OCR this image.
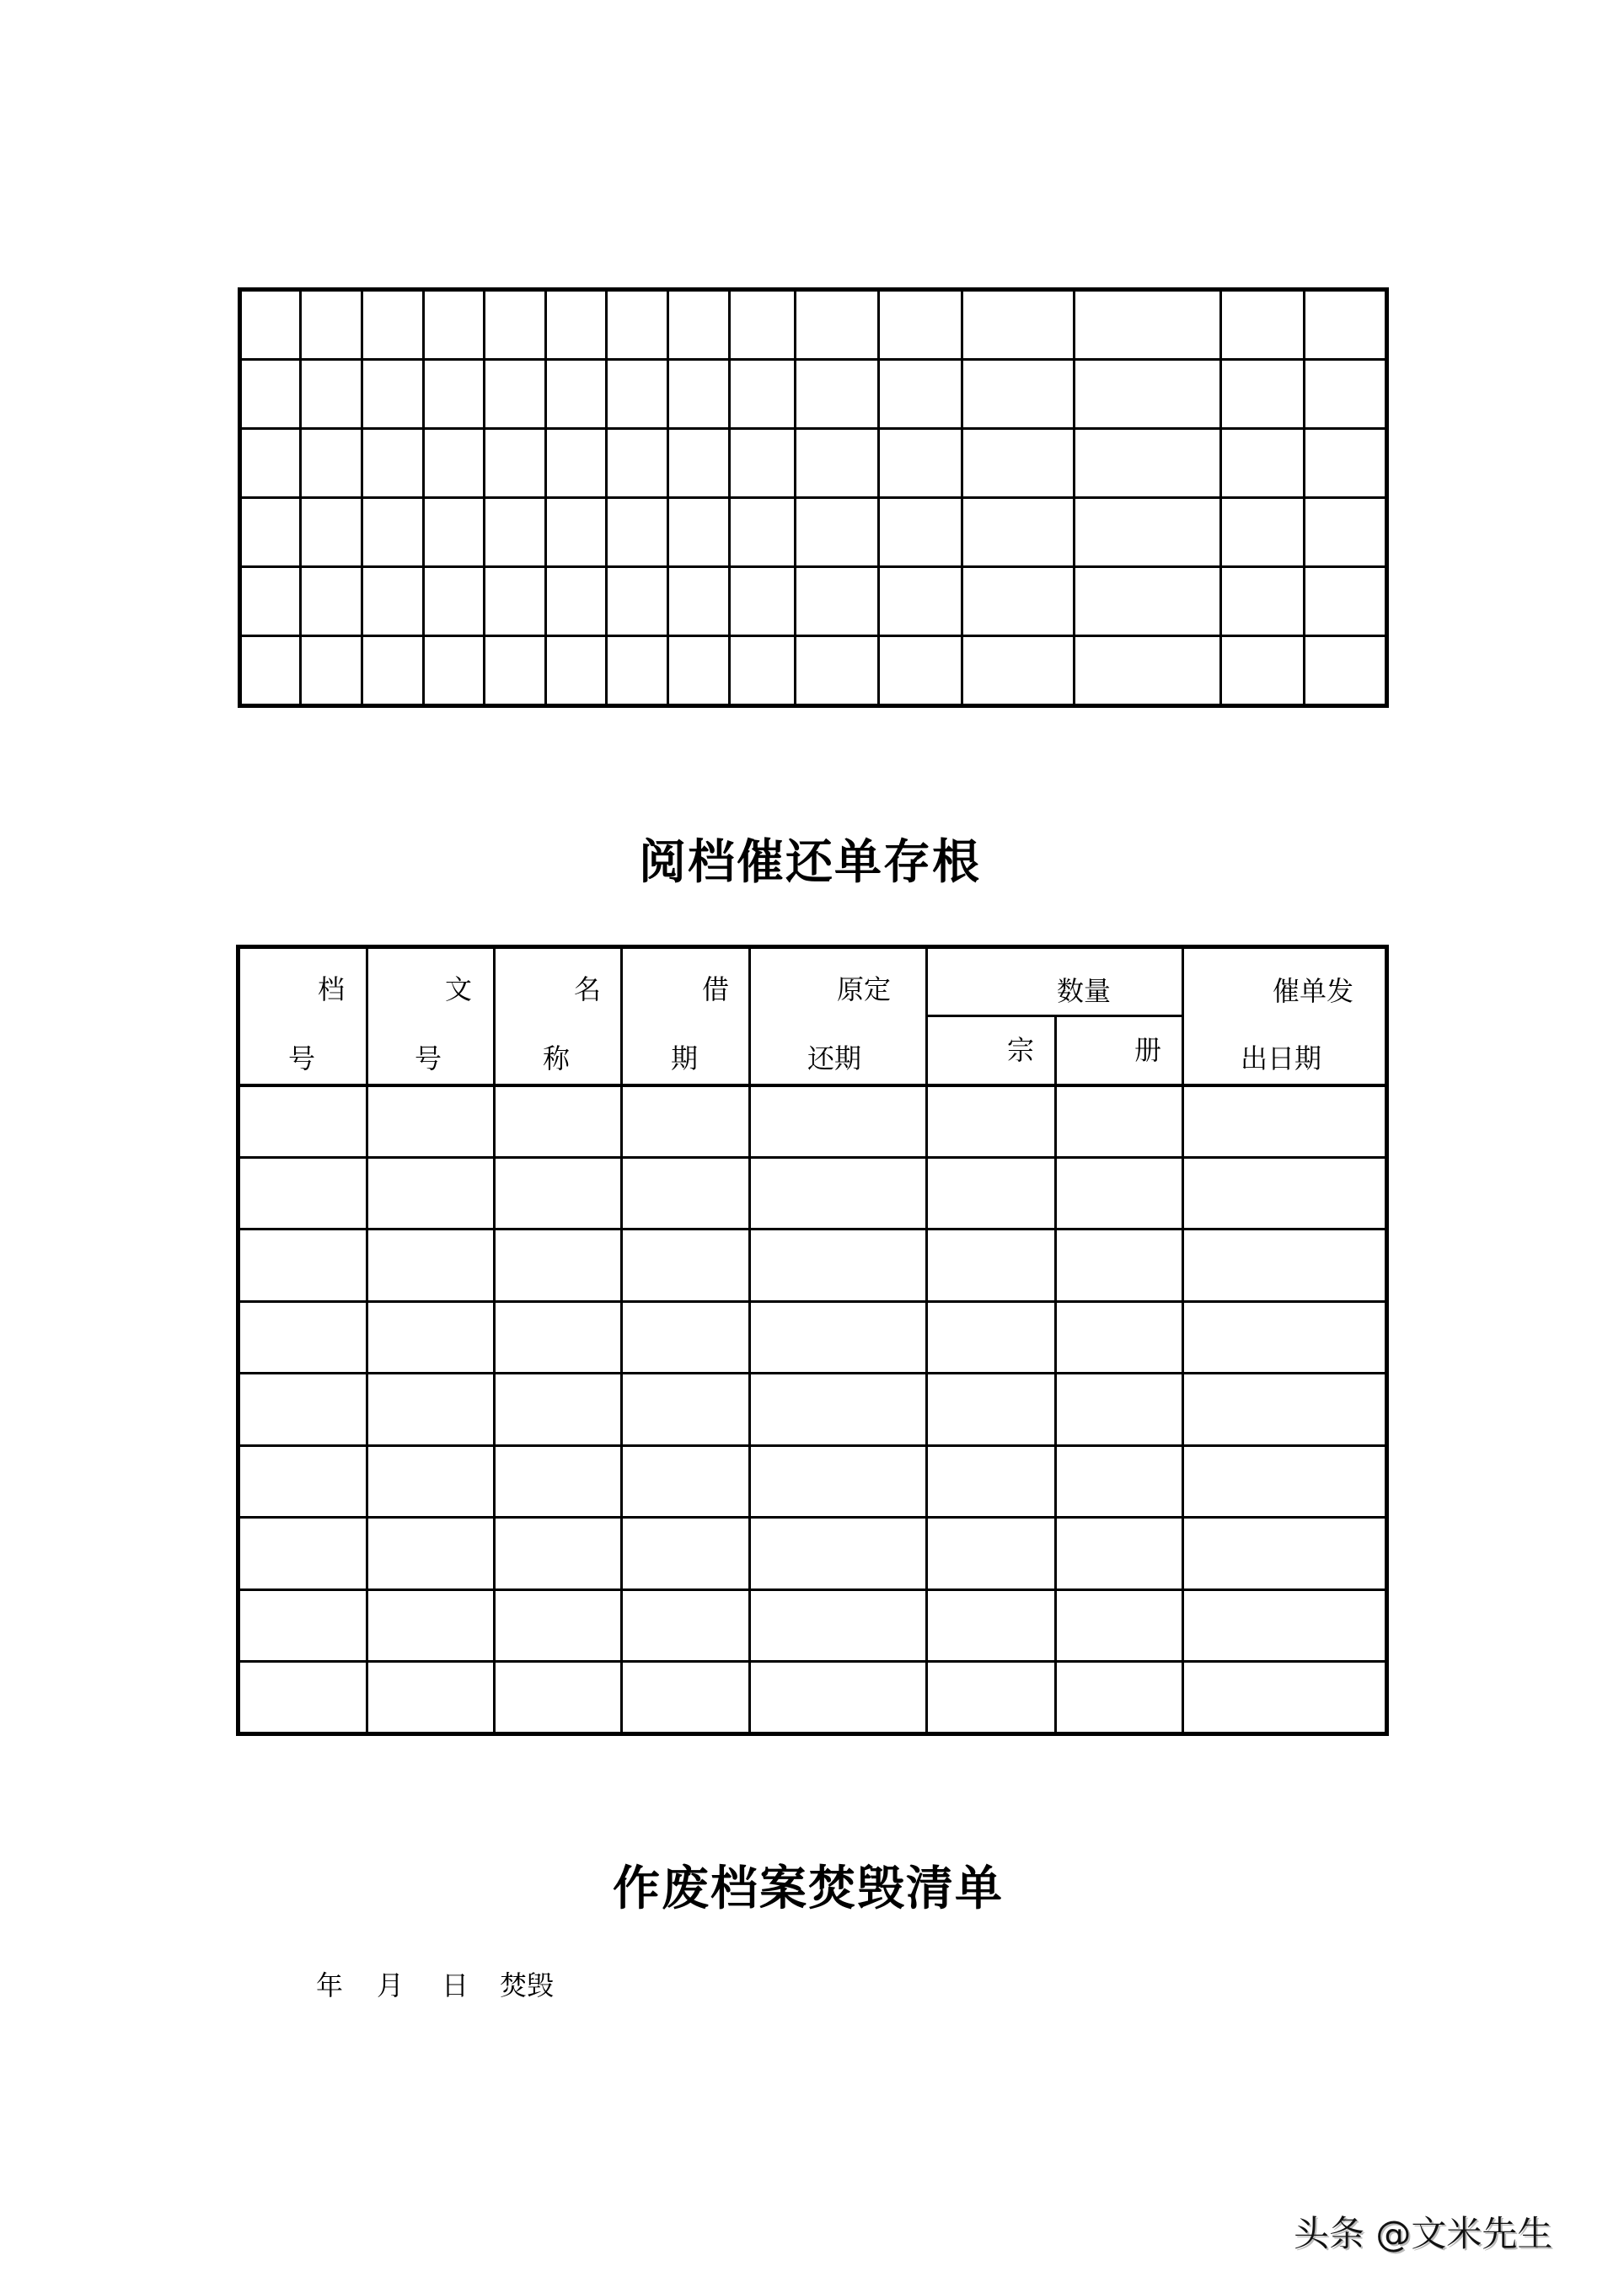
阅档催还单存根
档
号
文
号
名
称
借
期
原定
还期
数量
宗	册
催单发
出日期
作废档案焚毁清单
年 月 日 焚毁
头条 @文米先生
